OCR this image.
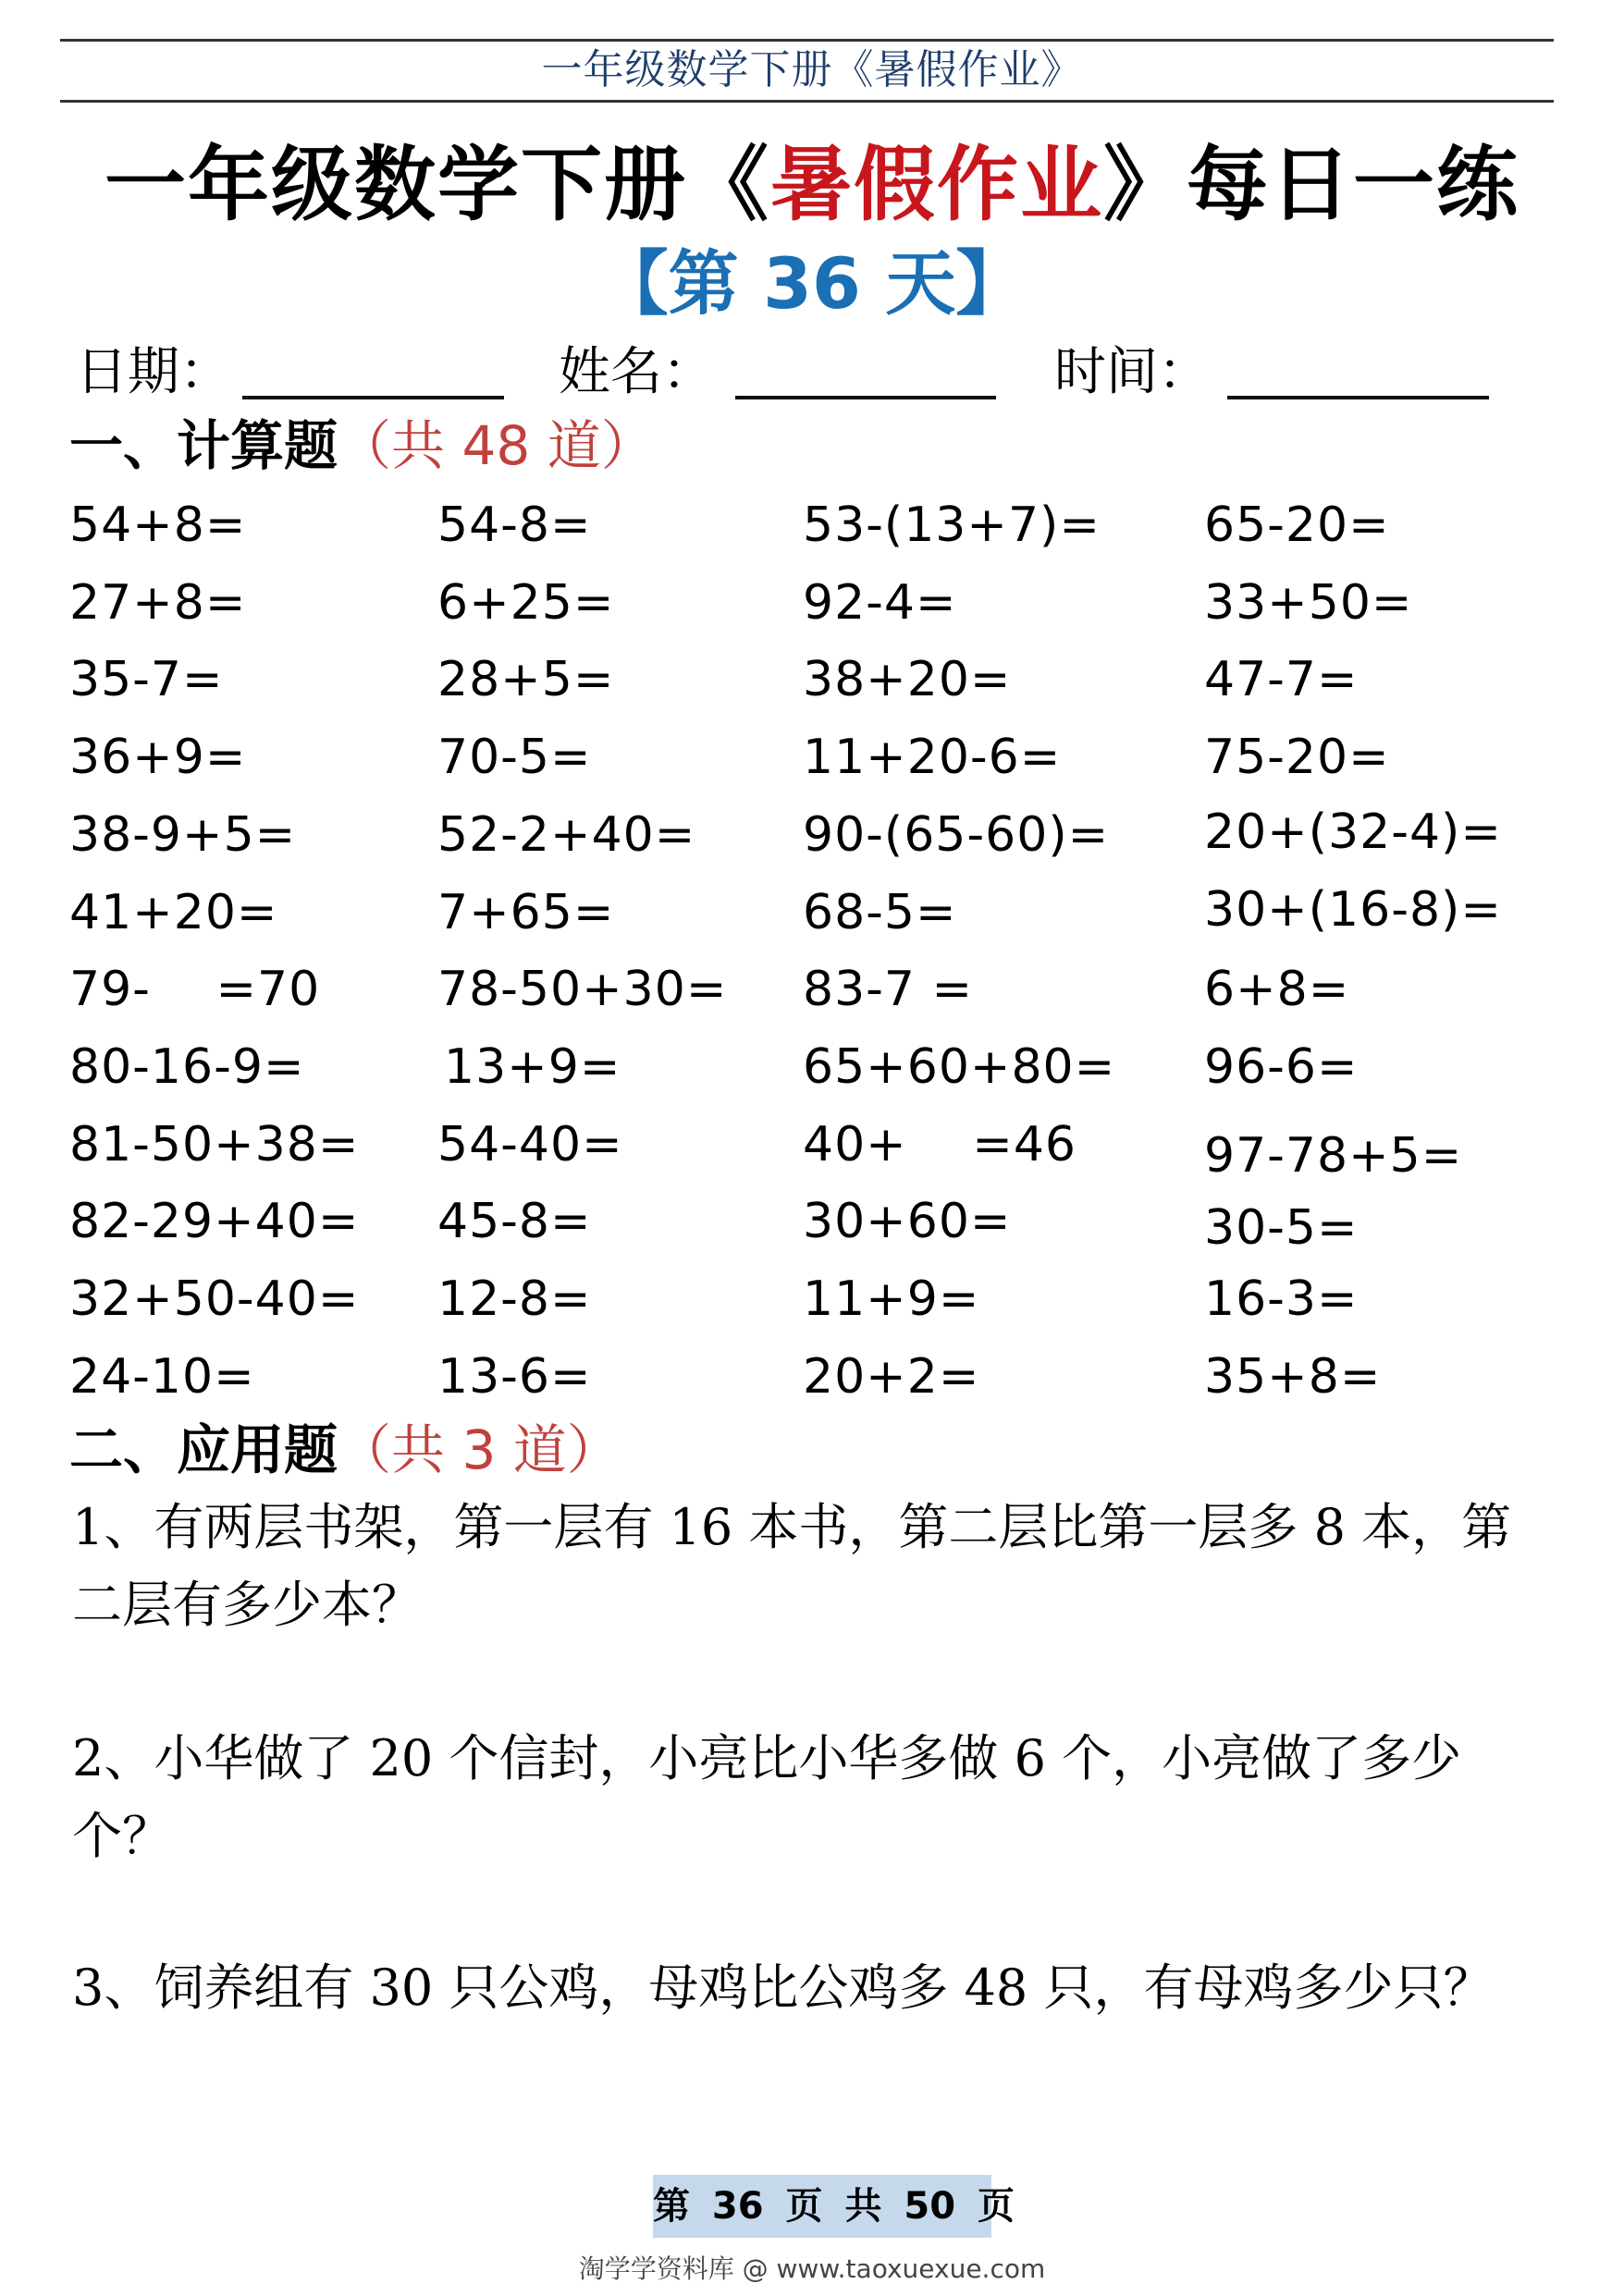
一年级数学下册《暑假作业》
一年级数学下册《暑假作业》每日一练
【第 36 天】
日期：	姓名：	时间：
一、计算题（共 48 道）
54+8=	54-8=	53-(13+7)= 65-20=
27+8=	6+25=	92-4=	33+50=
35-7=	28+5=	38+20=	47-7=
36+9=	70-5=	11+20-6=	75-20=
38-9+5=	52-2+40= 90-(65-60)= 20+(32-4)=
41+20=	7+65=	68-5=	30+(16-8)=
79-　 =70 78-50+30= 83-7 =	6+8=
80-16-9=	13+9=	65+60+80= 96-6=
81-50+38= 54-40=	40+　 =46	97-78+5=
82-29+40= 45-8=	30+60=	30-5=
32+50-40= 12-8=	11+9=	16-3=
24-10=	13-6=	20+2=	35+8=
二、应用题（共 3 道）
1、有两层书架，第一层有 16 本书，第二层比第一层多 8 本，第二层有多少本？
2、小华做了 20 个信封，小亮比小华多做 6 个，小亮做了多少个？
3、饲养组有 30 只公鸡，母鸡比公鸡多 48 只，有母鸡多少只？
第 36 页 共 50 页
淘学学资料库 @ www.taoxuexue.com
